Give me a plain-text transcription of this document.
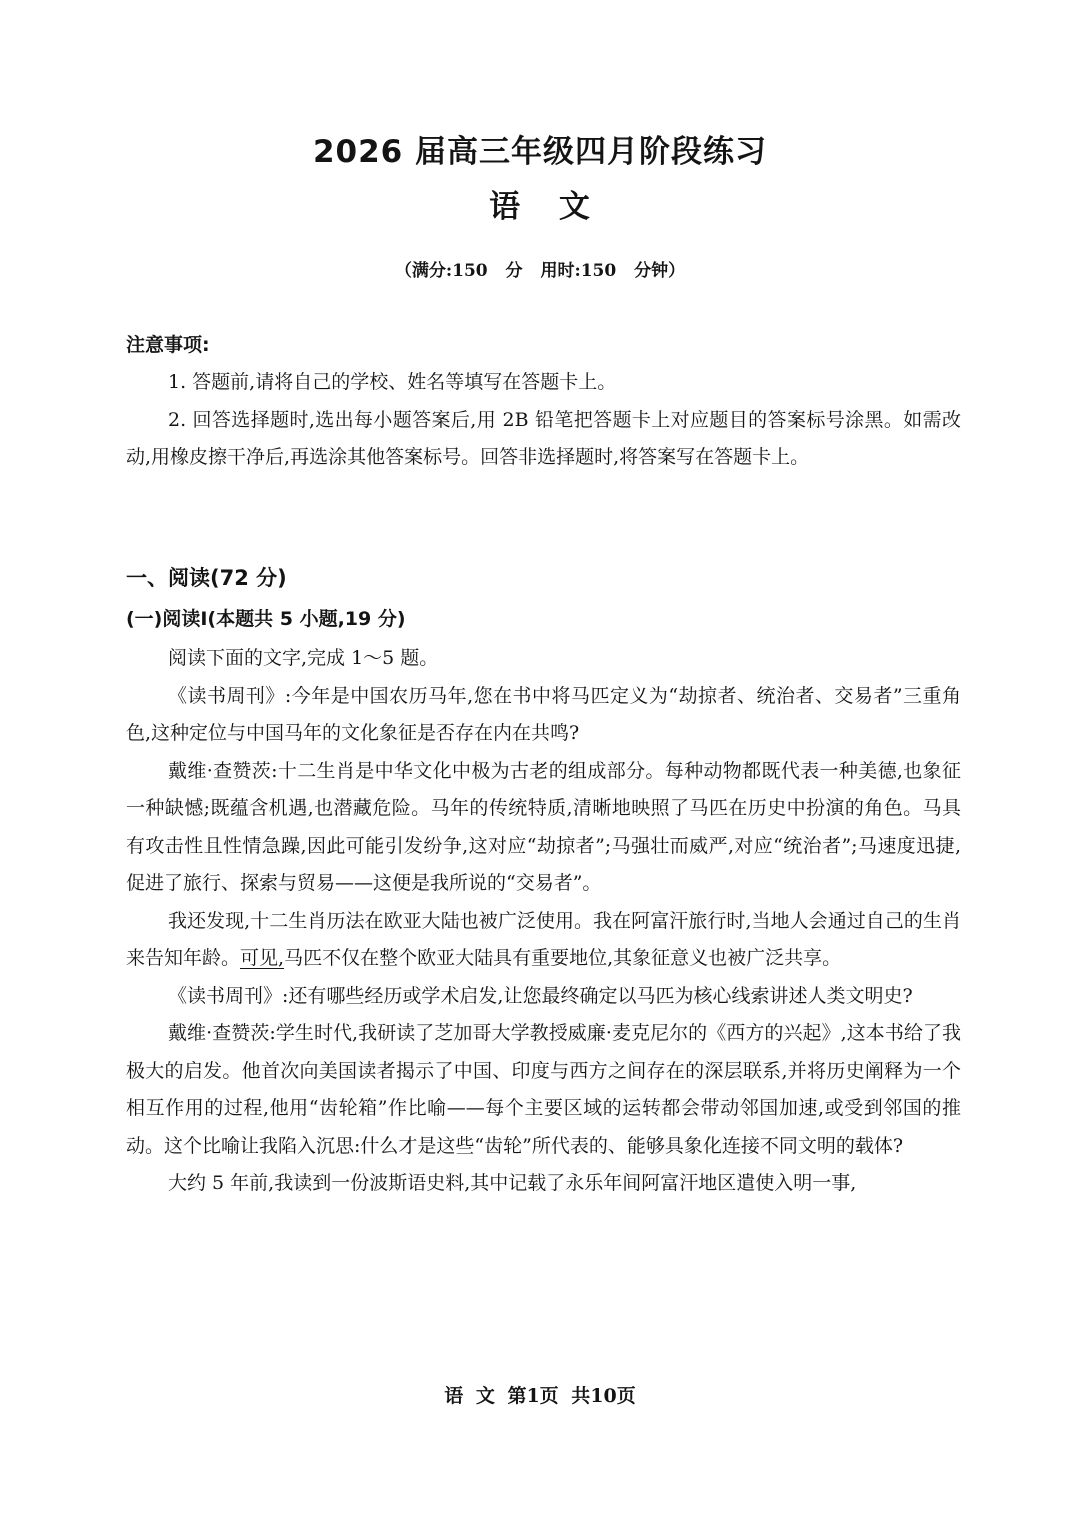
2026 届高三年级四月阶段练习
语 文
（满分:150 分 用时:150 分钟）
注意事项:

1. 答题前,请将自己的学校、姓名等填写在答题卡上。

2. 回答选择题时,选出每小题答案后,用 2B 铅笔把答题卡上对应题目的答案标号涂黑。如需改动,用橡皮擦干净后,再选涂其他答案标号。回答非选择题时,将答案写在答题卡上。

一、阅读(72 分)
(一)阅读Ⅰ(本题共 5 小题,19 分)

阅读下面的文字,完成 1～5 题。

《读书周刊》:今年是中国农历马年,您在书中将马匹定义为“劫掠者、统治者、交易者”三重角色,这种定位与中国马年的文化象征是否存在内在共鸣?

戴维·查赞茨:十二生肖是中华文化中极为古老的组成部分。每种动物都既代表一种美德,也象征一种缺憾;既蕴含机遇,也潜藏危险。马年的传统特质,清晰地映照了马匹在历史中扮演的角色。马具有攻击性且性情急躁,因此可能引发纷争,这对应“劫掠者”;马强壮而威严,对应“统治者”;马速度迅捷,促进了旅行、探索与贸易——这便是我所说的“交易者”。

我还发现,十二生肖历法在欧亚大陆也被广泛使用。我在阿富汗旅行时,当地人会通过自己的生肖来告知年龄。可见,马匹不仅在整个欧亚大陆具有重要地位,其象征意义也被广泛共享。

《读书周刊》:还有哪些经历或学术启发,让您最终确定以马匹为核心线索讲述人类文明史?

戴维·查赞茨:学生时代,我研读了芝加哥大学教授威廉·麦克尼尔的《西方的兴起》,这本书给了我极大的启发。他首次向美国读者揭示了中国、印度与西方之间存在的深层联系,并将历史阐释为一个相互作用的过程,他用“齿轮箱”作比喻——每个主要区域的运转都会带动邻国加速,或受到邻国的推动。这个比喻让我陷入沉思:什么才是这些“齿轮”所代表的、能够具象化连接不同文明的载体?

大约 5 年前,我读到一份波斯语史料,其中记载了永乐年间阿富汗地区遣使入明一事,

语 文 第1页 共10页
